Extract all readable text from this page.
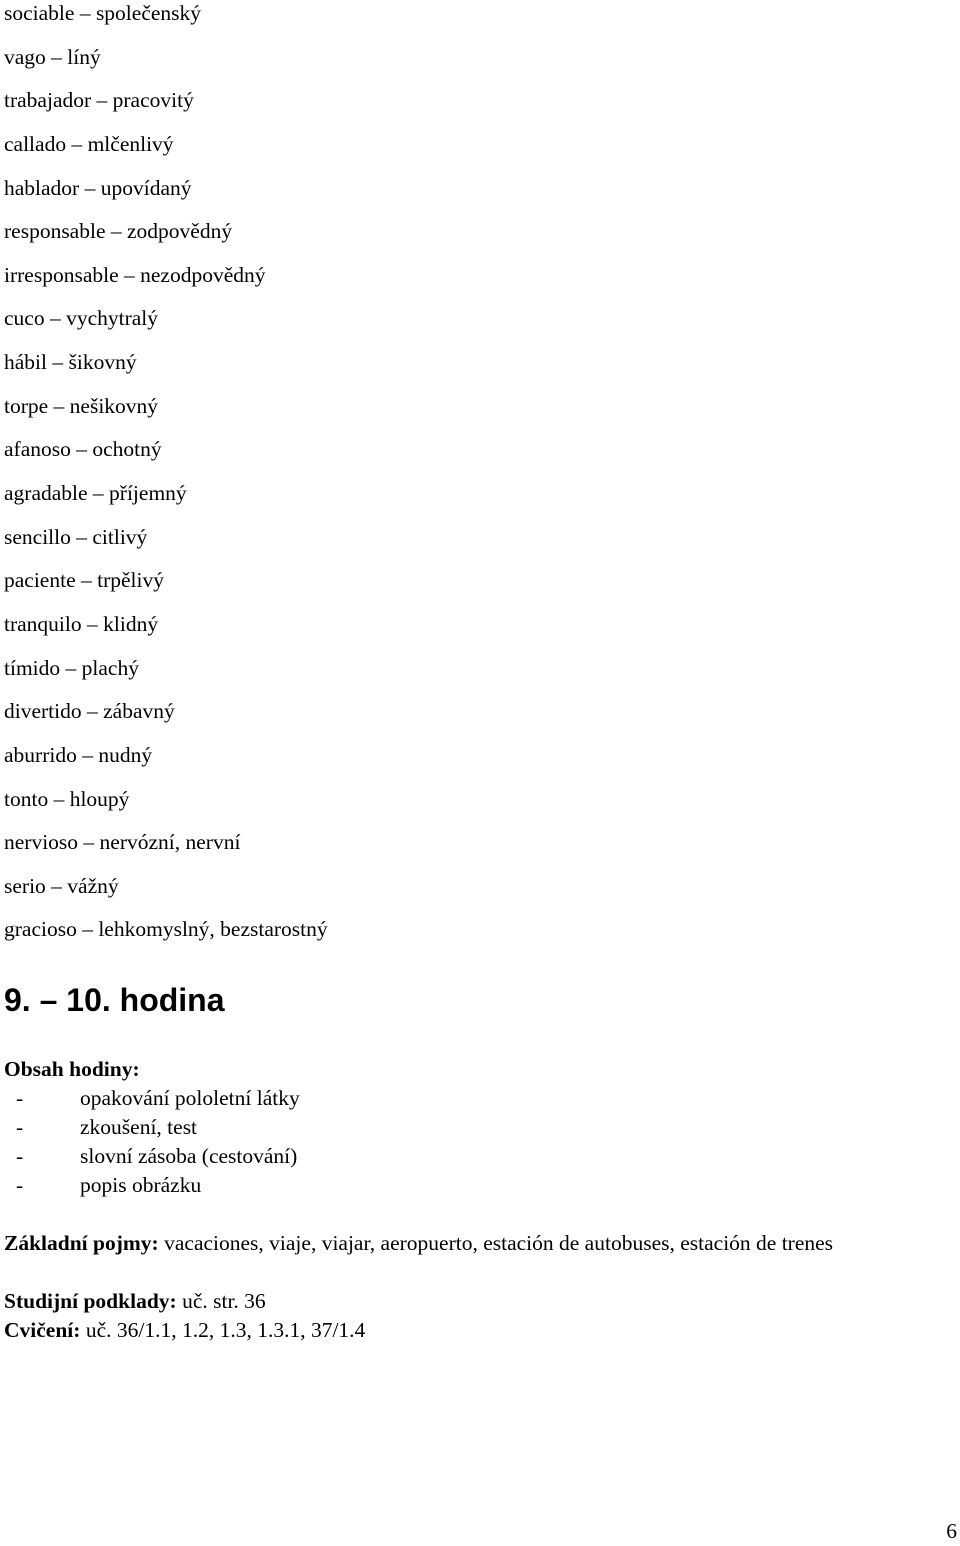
sociable – společenský
vago – líný
trabajador – pracovitý
callado – mlčenlivý
hablador – upovídaný
responsable – zodpovědný
irresponsable – nezodpovědný
cuco – vychytralý
hábil – šikovný
torpe – nešikovný
afanoso – ochotný
agradable – příjemný
sencillo – citlivý
paciente – trpělivý
tranquilo – klidný
tímido – plachý
divertido – zábavný
aburrido – nudný
tonto – hloupý
nervioso – nervózní, nervní
serio – vážný
gracioso – lehkomyslný, bezstarostný
9. – 10. hodina
Obsah hodiny:
-	opakování pololetní látky
-	zkoušení, test
-	slovní zásoba (cestování)
-	popis obrázku
Základní pojmy: vacaciones, viaje, viajar, aeropuerto, estación de autobuses, estación de trenes
Studijní podklady: uč. str. 36
Cvičení: uč. 36/1.1, 1.2, 1.3, 1.3.1, 37/1.4
6
